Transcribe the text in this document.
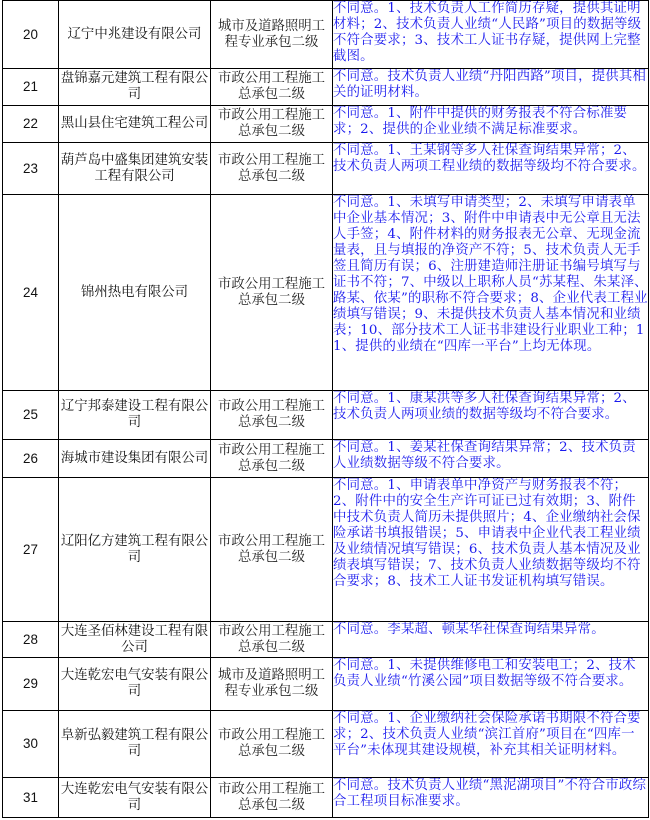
20	辽宁中兆建设有限公司	城市及道路照明工
程专业承包二级	不同意。1、技术负责人工作简历存疑，提供其证明材料；2、技术负责人业绩“人民路”项目的数据等级不符合要求；3、技术工人证书存疑，提供网上完整截图。
21	盘锦嘉元建筑工程有限公司	市政公用工程施工
总承包二级	不同意。技术负责人业绩“丹阳西路”项目，提供其相关的证明材料。
22	黑山县住宅建筑工程公司	市政公用工程施工
总承包二级	不同意。1、附件中提供的财务报表不符合标准要求；2、提供的企业业绩不满足标准要求。
23	葫芦岛中盛集团建筑安装工程有限公司	市政公用工程施工
总承包二级	不同意。1、王某钢等多人社保查询结果异常；2、技术负责人两项工程业绩的数据等级均不符合要求。
24	锦州热电有限公司	市政公用工程施工
总承包二级	不同意。1、未填写申请类型；2、未填写申请表单中企业基本情况；3、附件中申请表中无公章且无法人手签；4、附件材料的财务报表无公章、无现金流量表，且与填报的净资产不符；5、技术负责人无手签且简历有误；6、注册建造师注册证书编号填写与证书不符；7、中级以上职称人员“苏某程、朱某泽、路某、依某”的职称不符合要求；8、企业代表工程业绩填写错误；9、未提供技术负责人基本情况和业绩表；10、部分技术工人证书非建设行业职业工种；11、提供的业绩在“四库一平台”上均无体现。
25	辽宁邦泰建设工程有限公司	市政公用工程施工
总承包二级	不同意。1、康某洪等多人社保查询结果异常；2、技术负责人两项业绩的数据等级均不符合要求。
26	海城市建设集团有限公司	市政公用工程施工
总承包二级	不同意。1、姜某社保查询结果异常；2、技术负责人业绩数据等级不符合要求。
27	辽阳亿方建筑工程有限公司	市政公用工程施工
总承包二级	不同意。1、申请表单中净资产与财务报表不符；2、附件中的安全生产许可证已过有效期；3、附件中技术负责人简历未提供照片；4、企业缴纳社会保险承诺书填报错误；5、申请表中企业代表工程业绩及业绩情况填写错误；6、技术负责人基本情况及业绩表填写错误；7、技术负责人业绩数据等级均不符合要求；8、技术工人证书发证机构填写错误。
28	大连圣佰林建设工程有限公司	市政公用工程施工
总承包二级	不同意。李某超、顿某华社保查询结果异常。
29	大连乾宏电气安装有限公司	城市及道路照明工
程专业承包二级	不同意。1、未提供维修电工和安装电工；2、技术负责人业绩“竹溪公园”项目数据等级不符合要求。
30	阜新弘毅建筑工程有限公司	市政公用工程施工
总承包二级	不同意。1、企业缴纳社会保险承诺书期限不符合要求；2、技术负责人业绩“滨江首府”项目在“四库一平台”未体现其建设规模，补充其相关证明材料。
31	大连乾宏电气安装有限公司	市政公用工程施工
总承包二级	不同意。技术负责人业绩“黑泥湖项目”不符合市政综合工程项目标准要求。
